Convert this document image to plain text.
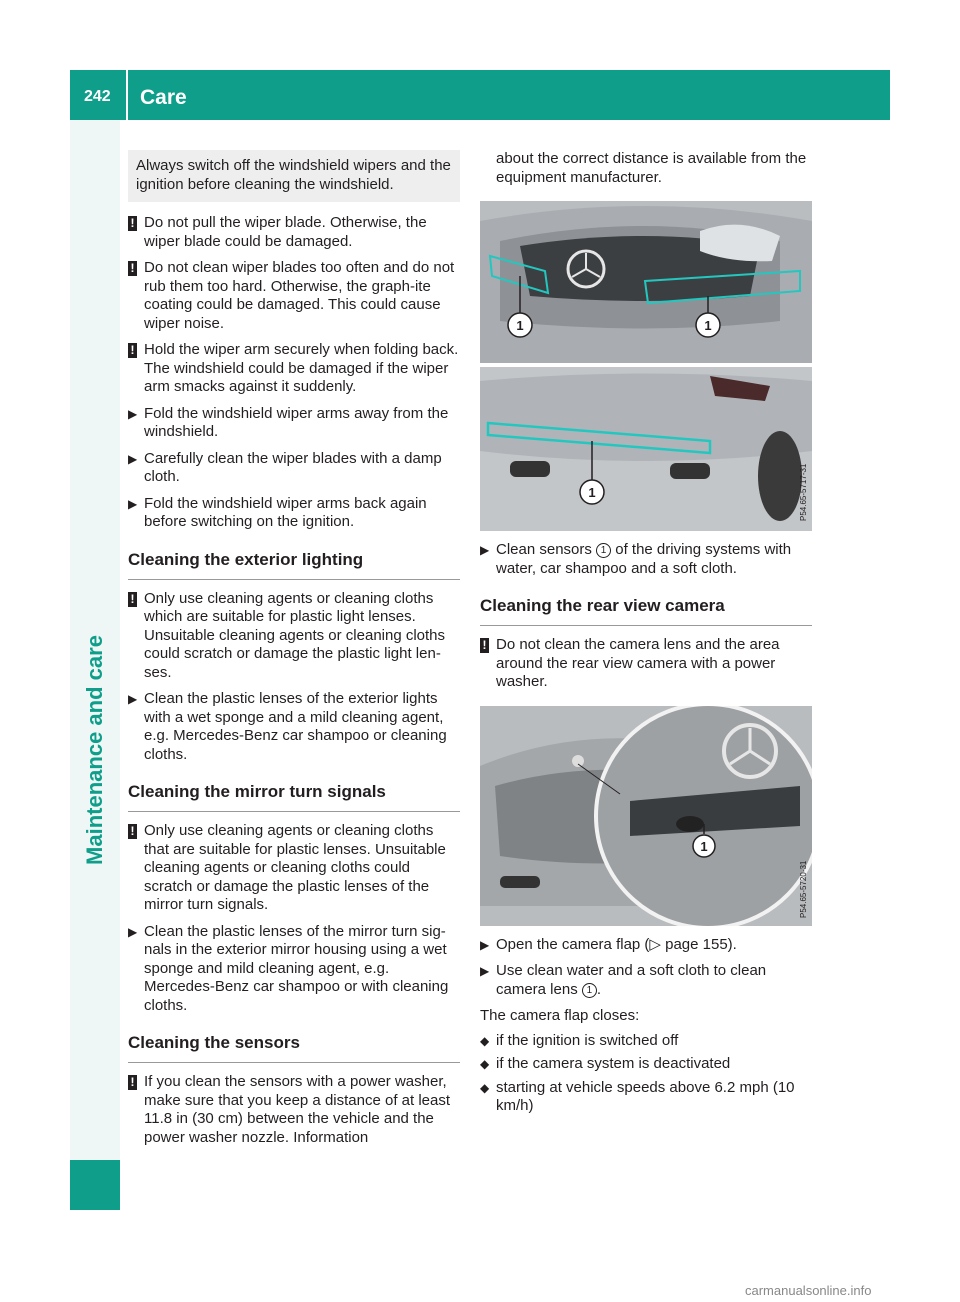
242 Care
Maintenance and care
Always switch off the windshield wipers and the ignition before cleaning the windshield.
! Do not pull the wiper blade. Otherwise, the wiper blade could be damaged.
! Do not clean wiper blades too often and do not rub them too hard. Otherwise, the graph-ite coating could be damaged. This could cause wiper noise.
! Hold the wiper arm securely when folding back. The windshield could be damaged if the wiper arm smacks against it suddenly.
▶ Fold the windshield wiper arms away from the windshield.
▶ Carefully clean the wiper blades with a damp cloth.
▶ Fold the windshield wiper arms back again before switching on the ignition.
Cleaning the exterior lighting
! Only use cleaning agents or cleaning cloths which are suitable for plastic light lenses. Unsuitable cleaning agents or cleaning cloths could scratch or damage the plastic light len-ses.
▶ Clean the plastic lenses of the exterior lights with a wet sponge and a mild cleaning agent, e.g. Mercedes-Benz car shampoo or cleaning cloths.
Cleaning the mirror turn signals
! Only use cleaning agents or cleaning cloths that are suitable for plastic lenses. Unsuitable cleaning agents or cleaning cloths could scratch or damage the plastic lenses of the mirror turn signals.
▶ Clean the plastic lenses of the mirror turn sig-nals in the exterior mirror housing using a wet sponge and mild cleaning agent, e.g. Mercedes-Benz car shampoo or with cleaning cloths.
Cleaning the sensors
! If you clean the sensors with a power washer, make sure that you keep a distance of at least 11.8 in (30 cm) between the vehicle and the power washer nozzle. Information

about the correct distance is available from the equipment manufacturer.

1	1
1	P54.65-5717-31
▶ Clean sensors 1 of the driving systems with water, car shampoo and a soft cloth.
Cleaning the rear view camera
! Do not clean the camera lens and the area around the rear view camera with a power washer.
1
P54.65-5720-31
▶ Open the camera flap (▷ page 155).
▶ Use clean water and a soft cloth to clean camera lens 1 .

The camera flap closes:

◆ if the ignition is switched off
◆ if the camera system is deactivated
◆ starting at vehicle speeds above 6.2 mph (10 km/h)
carmanualsonline.info
